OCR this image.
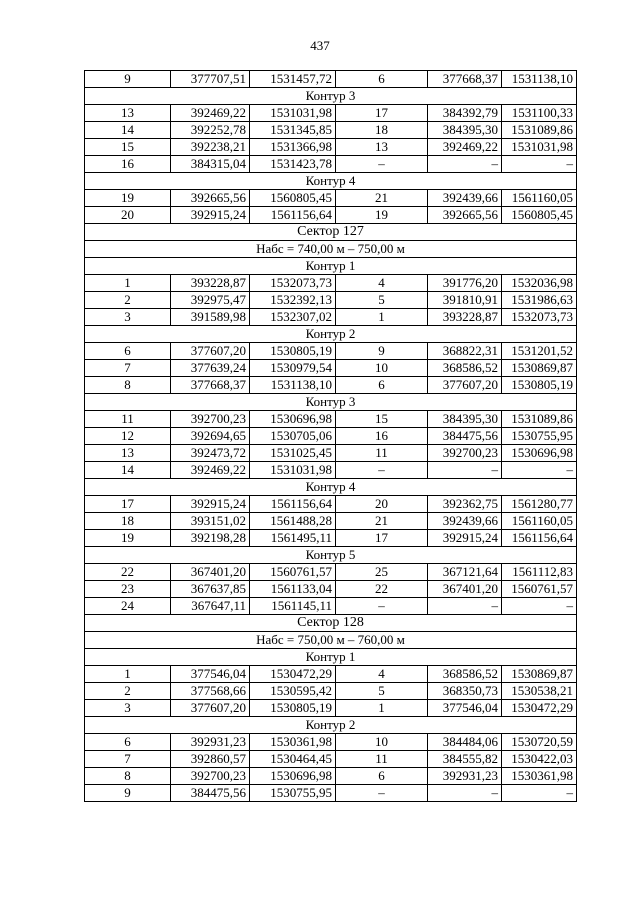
437
9	377707,51	1531457,72	6	377668,37	1531138,10
Контур 3					
13	392469,22	1531031,98	17	384392,79	1531100,33
14	392252,78	1531345,85	18	384395,30	1531089,86
15	392238,21	1531366,98	13	392469,22	1531031,98
16	384315,04	1531423,78	–	–	–
Контур 4					
19	392665,56	1560805,45	21	392439,66	1561160,05
20	392915,24	1561156,64	19	392665,56	1560805,45
Сектор 127					
Набс = 740,00 м – 750,00 м					
Контур 1					
1	393228,87	1532073,73	4	391776,20	1532036,98
2	392975,47	1532392,13	5	391810,91	1531986,63
3	391589,98	1532307,02	1	393228,87	1532073,73
Контур 2					
6	377607,20	1530805,19	9	368822,31	1531201,52
7	377639,24	1530979,54	10	368586,52	1530869,87
8	377668,37	1531138,10	6	377607,20	1530805,19
Контур 3					
11	392700,23	1530696,98	15	384395,30	1531089,86
12	392694,65	1530705,06	16	384475,56	1530755,95
13	392473,72	1531025,45	11	392700,23	1530696,98
14	392469,22	1531031,98	–	–	–
Контур 4					
17	392915,24	1561156,64	20	392362,75	1561280,77
18	393151,02	1561488,28	21	392439,66	1561160,05
19	392198,28	1561495,11	17	392915,24	1561156,64
Контур 5					
22	367401,20	1560761,57	25	367121,64	1561112,83
23	367637,85	1561133,04	22	367401,20	1560761,57
24	367647,11	1561145,11	–	–	–
Сектор 128					
Набс = 750,00 м – 760,00 м					
Контур 1					
1	377546,04	1530472,29	4	368586,52	1530869,87
2	377568,66	1530595,42	5	368350,73	1530538,21
3	377607,20	1530805,19	1	377546,04	1530472,29
Контур 2					
6	392931,23	1530361,98	10	384484,06	1530720,59
7	392860,57	1530464,45	11	384555,82	1530422,03
8	392700,23	1530696,98	6	392931,23	1530361,98
9	384475,56	1530755,95	–	–	–
